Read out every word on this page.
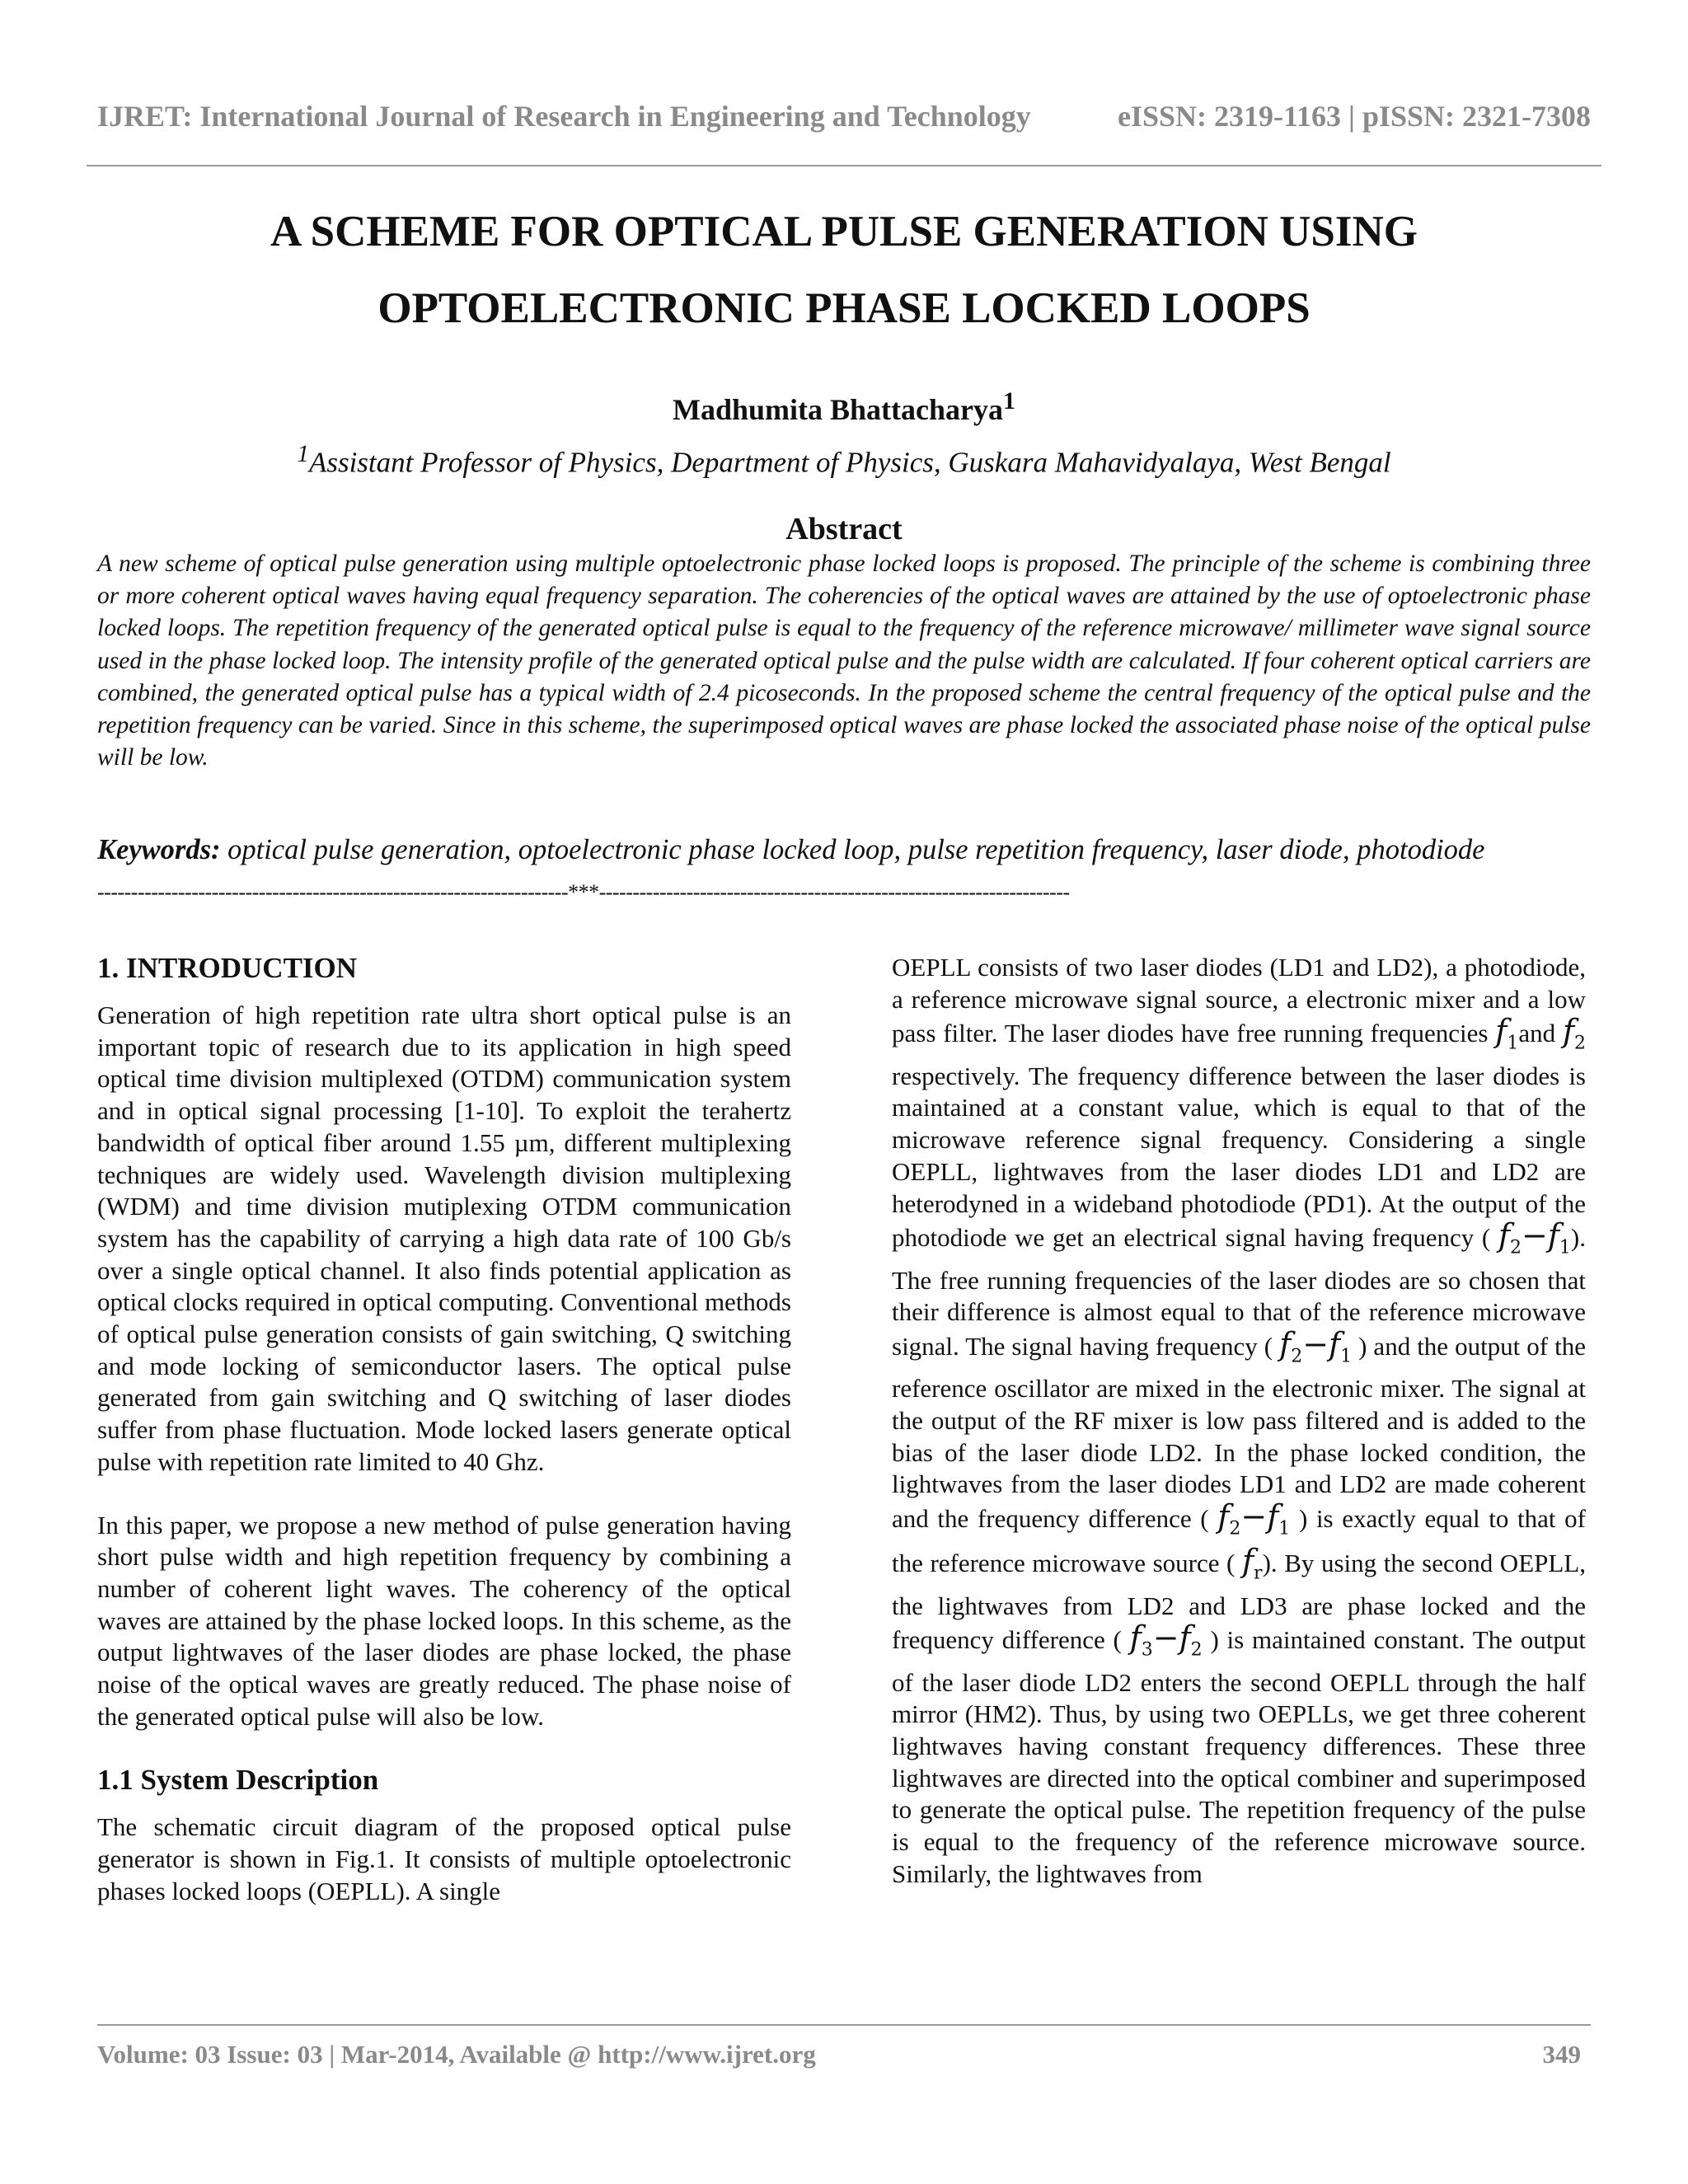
IJRET: International Journal of Research in Engineering and Technology	eISSN: 2319-1163 | pISSN: 2321-7308
A SCHEME FOR OPTICAL PULSE GENERATION USING
OPTOELECTRONIC PHASE LOCKED LOOPS
Madhumita Bhattacharya$^1$
$^1$Assistant Professor of Physics, Department of Physics, Guskara Mahavidyalaya, West Bengal
Abstract

A new scheme of optical pulse generation using multiple optoelectronic phase locked loops is proposed. The principle of the scheme is combining three or more coherent optical waves having equal frequency separation. The coherencies of the optical waves are attained by the use of optoelectronic phase locked loops. The repetition frequency of the generated optical pulse is equal to the frequency of the reference microwave/ millimeter wave signal source used in the phase locked loop. The intensity profile of the generated optical pulse and the pulse width are calculated. If four coherent optical carriers are combined, the generated optical pulse has a typical width of 2.4 picoseconds. In the proposed scheme the central frequency of the optical pulse and the repetition frequency can be varied. Since in this scheme, the superimposed optical waves are phase locked the associated phase noise of the optical pulse will be low.

Keywords: optical pulse generation, optoelectronic phase locked loop, pulse repetition frequency, laser diode, photodiode
----------------------------------------------------------------------***----------------------------------------------------------------------
1. INTRODUCTION

Generation of high repetition rate ultra short optical pulse is an important topic of research due to its application in high speed optical time division multiplexed (OTDM) communication system and in optical signal processing [1-10]. To exploit the terahertz bandwidth of optical fiber around 1.55 µm, different multiplexing techniques are widely used. Wavelength division multiplexing (WDM) and time division mutiplexing OTDM communication system has the capability of carrying a high data rate of 100 Gb/s over a single optical channel. It also finds potential application as optical clocks required in optical computing. Conventional methods of optical pulse generation consists of gain switching, Q switching and mode locking of semiconductor lasers. The optical pulse generated from gain switching and Q switching of laser diodes suffer from phase fluctuation. Mode locked lasers generate optical pulse with repetition rate limited to 40 Ghz.

In this paper, we propose a new method of pulse generation having short pulse width and high repetition frequency by combining a number of coherent light waves. The coherency of the optical waves are attained by the phase locked loops. In this scheme, as the output lightwaves of the laser diodes are phase locked, the phase noise of the optical waves are greatly reduced. The phase noise of the generated optical pulse will also be low.

1.1 System Description

The schematic circuit diagram of the proposed optical pulse generator is shown in Fig.1. It consists of multiple optoelectronic phases locked loops (OEPLL). A single

OEPLL consists of two laser diodes (LD1 and LD2), a photodiode, a reference microwave signal source, a electronic mixer and a low pass filter. The laser diodes have free running frequencies $f_1and$ $f_2$ respectively. The frequency difference between the laser diodes is maintained at a constant value, which is equal to that of the microwave reference signal frequency. Considering a single OEPLL, lightwaves from the laser diodes LD1 and LD2 are heterodyned in a wideband photodiode (PD1). At the output of the photodiode we get an electrical signal having frequency ( $f_2-f_1$). The free running frequencies of the laser diodes are so chosen that their difference is almost equal to that of the reference microwave signal. The signal having frequency ( $f_2-f_1$ ) and the output of the reference oscillator are mixed in the electronic mixer. The signal at the output of the RF mixer is low pass filtered and is added to the bias of the laser diode LD2. In the phase locked condition, the lightwaves from the laser diodes LD1 and LD2 are made coherent and the frequency difference ( $f_2-f_1$ ) is exactly equal to that of the reference microwave source ( $f_r$). By using the second OEPLL, the lightwaves from LD2 and LD3 are phase locked and the frequency difference ( $f_3-f_2$ ) is maintained constant. The output of the laser diode LD2 enters the second OEPLL through the half mirror (HM2). Thus, by using two OEPLLs, we get three coherent lightwaves having constant frequency differences. These three lightwaves are directed into the optical combiner and superimposed to generate the optical pulse. The repetition frequency of the pulse is equal to the frequency of the reference microwave source. Similarly, the lightwaves from

Volume: 03 Issue: 03 | Mar-2014, Available @ http://www.ijret.org	349
